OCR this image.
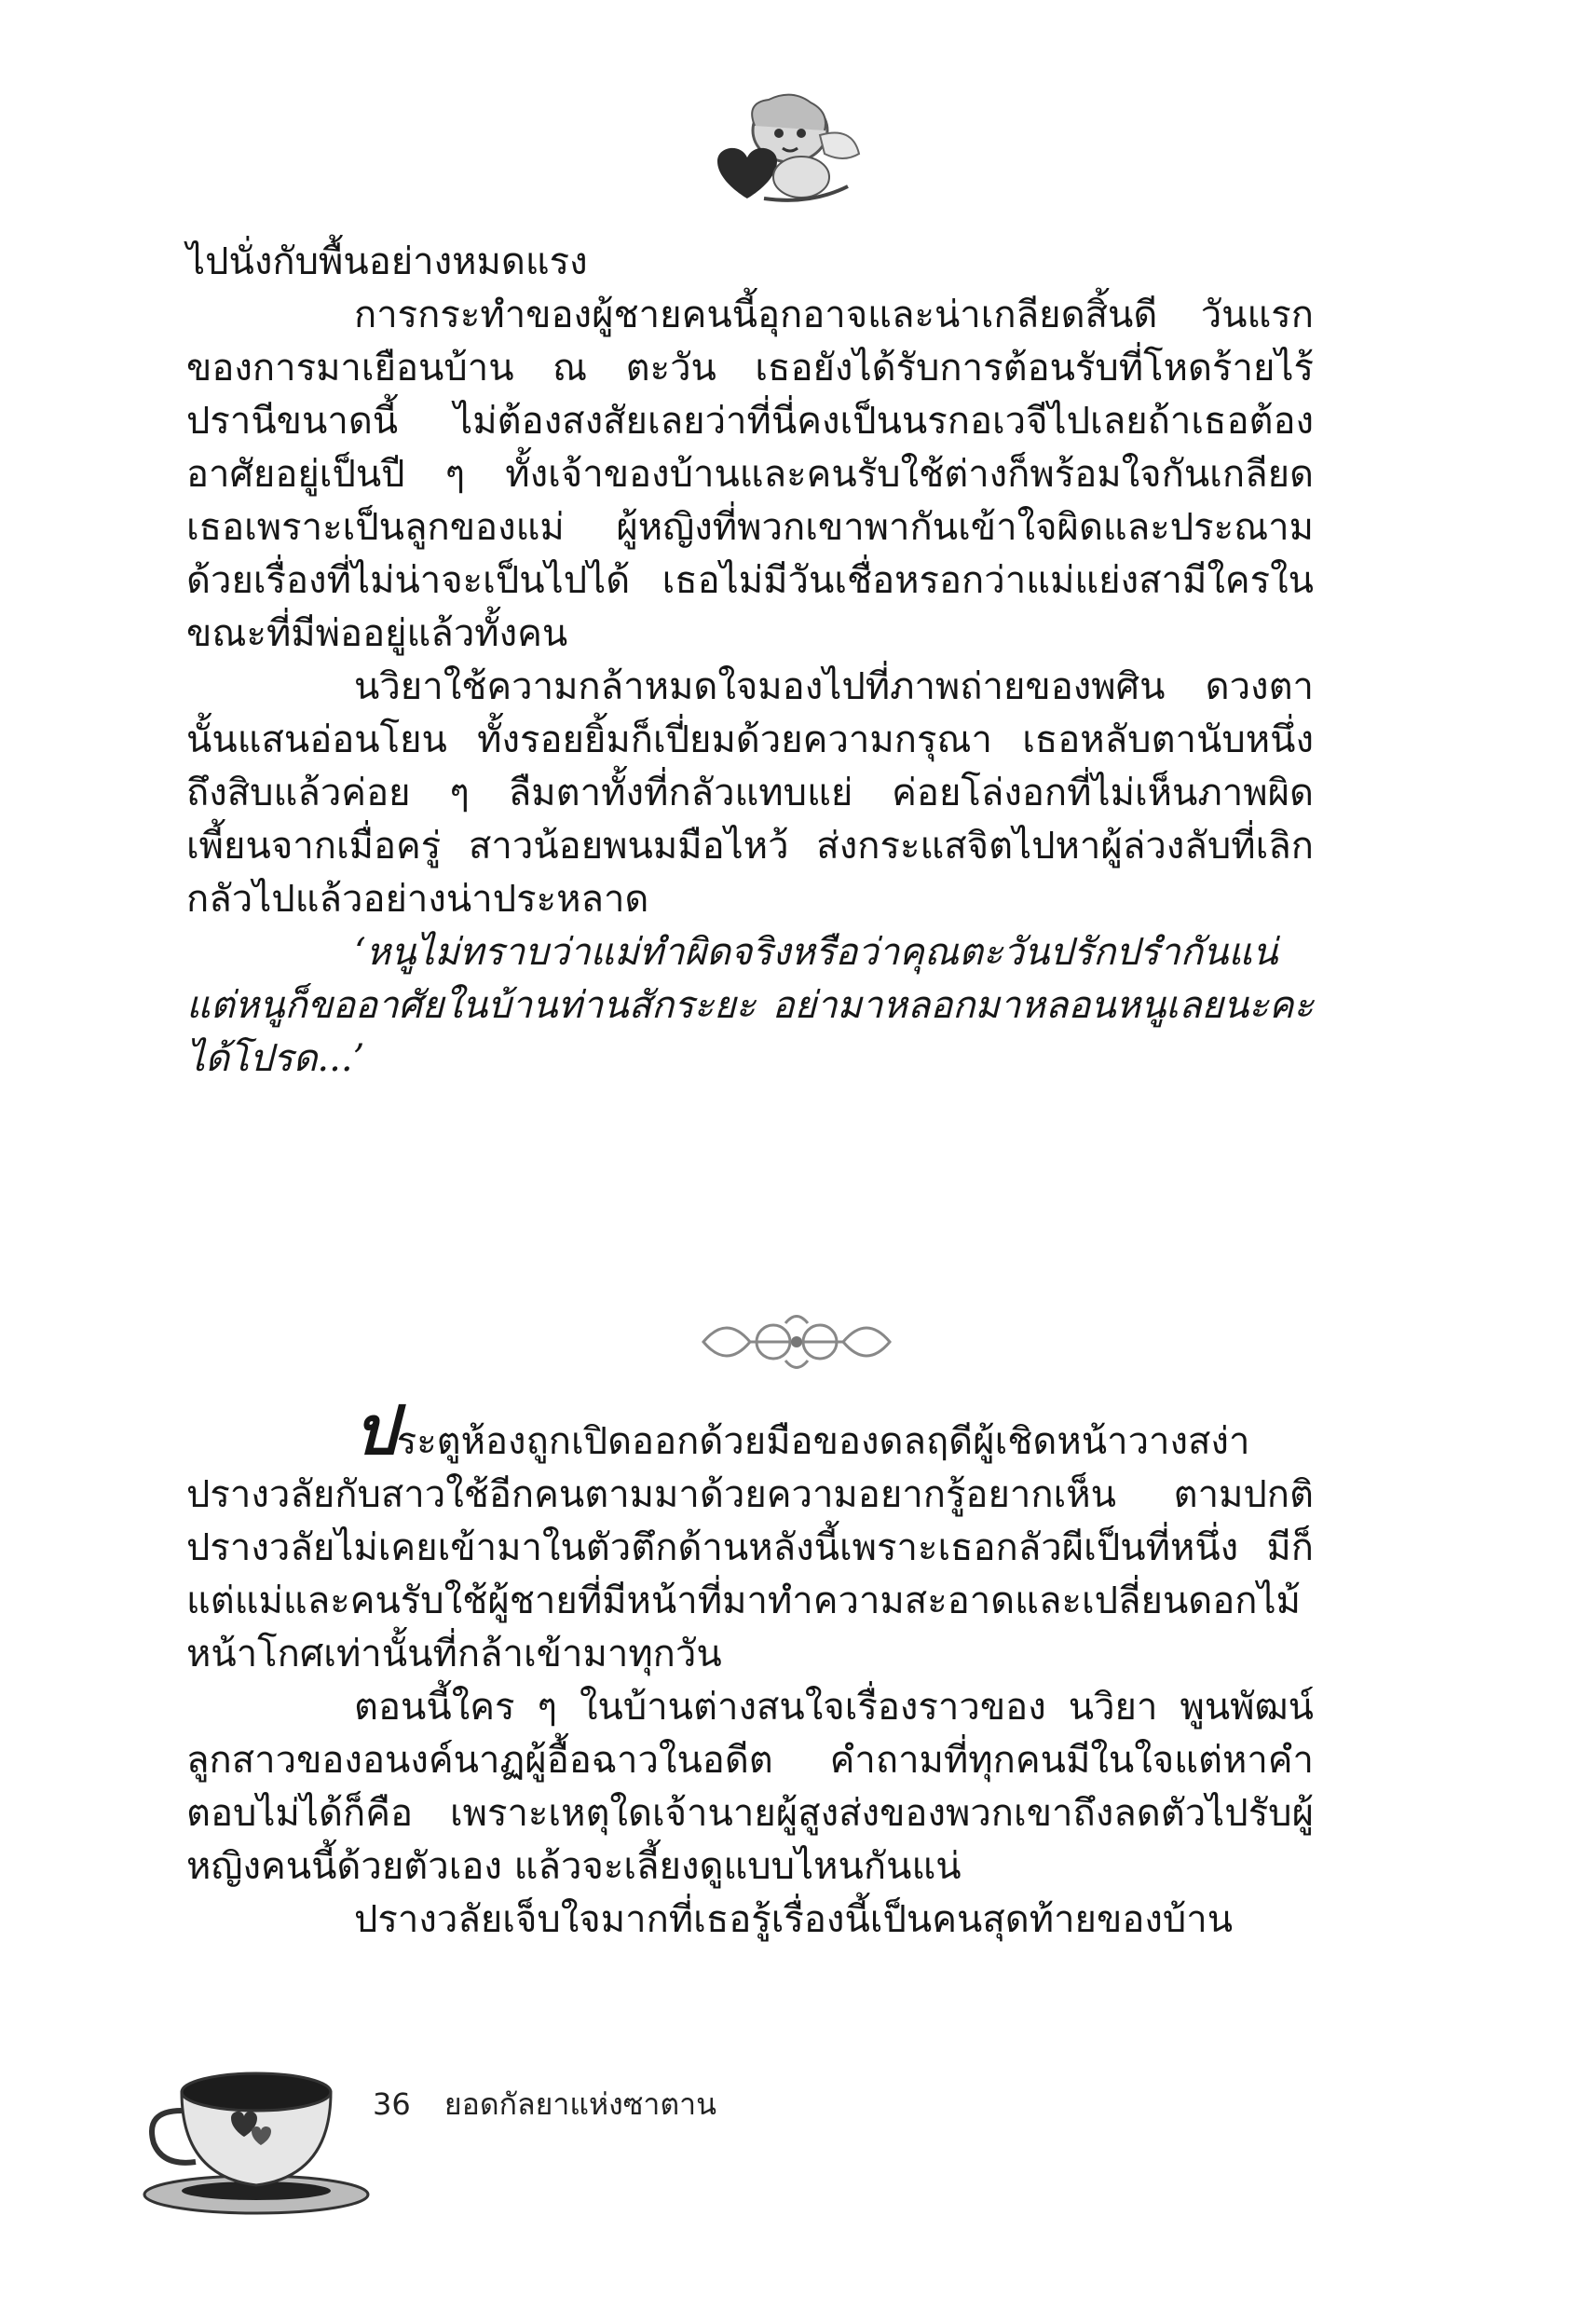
ไปนั่งกับพื้นอย่างหมดแรง

การกระทำของผู้ชายคนนี้อุกอาจและน่าเกลียดสิ้นดี วันแรกของการมาเยือนบ้าน ณ ตะวัน เธอยังได้รับการต้อนรับที่โหดร้ายไร้ปรานีขนาดนี้ ไม่ต้องสงสัยเลยว่าที่นี่คงเป็นนรกอเวจีไปเลยถ้าเธอต้องอาศัยอยู่เป็นปี ๆ ทั้งเจ้าของบ้านและคนรับใช้ต่างก็พร้อมใจกันเกลียดเธอเพราะเป็นลูกของแม่ ผู้หญิงที่พวกเขาพากันเข้าใจผิดและประณามด้วยเรื่องที่ไม่น่าจะเป็นไปได้ เธอไม่มีวันเชื่อหรอกว่าแม่แย่งสามีใครในขณะที่มีพ่ออยู่แล้วทั้งคน

นวิยาใช้ความกล้าหมดใจมองไปที่ภาพถ่ายของพศิน ดวงตานั้นแสนอ่อนโยน ทั้งรอยยิ้มก็เปี่ยมด้วยความกรุณา เธอหลับตานับหนึ่งถึงสิบแล้วค่อย ๆ ลืมตาทั้งที่กลัวแทบแย่ ค่อยโล่งอกที่ไม่เห็นภาพผิดเพี้ยนจากเมื่อครู่ สาวน้อยพนมมือไหว้ ส่งกระแสจิตไปหาผู้ล่วงลับที่เลิกกลัวไปแล้วอย่างน่าประหลาด

‘หนูไม่ทราบว่าแม่ทำผิดจริงหรือว่าคุณตะวันปรักปรำกันแน่ แต่หนูก็ขออาศัยในบ้านท่านสักระยะ อย่ามาหลอกมาหลอนหนูเลยนะคะ ได้โปรด...’

ประตูห้องถูกเปิดออกด้วยมือของดลฤดีผู้เชิดหน้าวางสง่า ปรางวลัยกับสาวใช้อีกคนตามมาด้วยความอยากรู้อยากเห็น ตามปกติปรางวลัยไม่เคยเข้ามาในตัวตึกด้านหลังนี้เพราะเธอกลัวผีเป็นที่หนึ่ง มีก็แต่แม่และคนรับใช้ผู้ชายที่มีหน้าที่มาทำความสะอาดและเปลี่ยนดอกไม้หน้าโกศเท่านั้นที่กล้าเข้ามาทุกวัน

ตอนนี้ใคร ๆ ในบ้านต่างสนใจเรื่องราวของ นวิยา พูนพัฒน์ ลูกสาวของอนงค์นาฏผู้อื้อฉาวในอดีต คำถามที่ทุกคนมีในใจแต่หาคำตอบไม่ได้ก็คือ เพราะเหตุใดเจ้านายผู้สูงส่งของพวกเขาถึงลดตัวไปรับผู้หญิงคนนี้ด้วยตัวเอง แล้วจะเลี้ยงดูแบบไหนกันแน่

ปรางวลัยเจ็บใจมากที่เธอรู้เรื่องนี้เป็นคนสุดท้ายของบ้าน

36 ยอดกัลยาแห่งซาตาน
